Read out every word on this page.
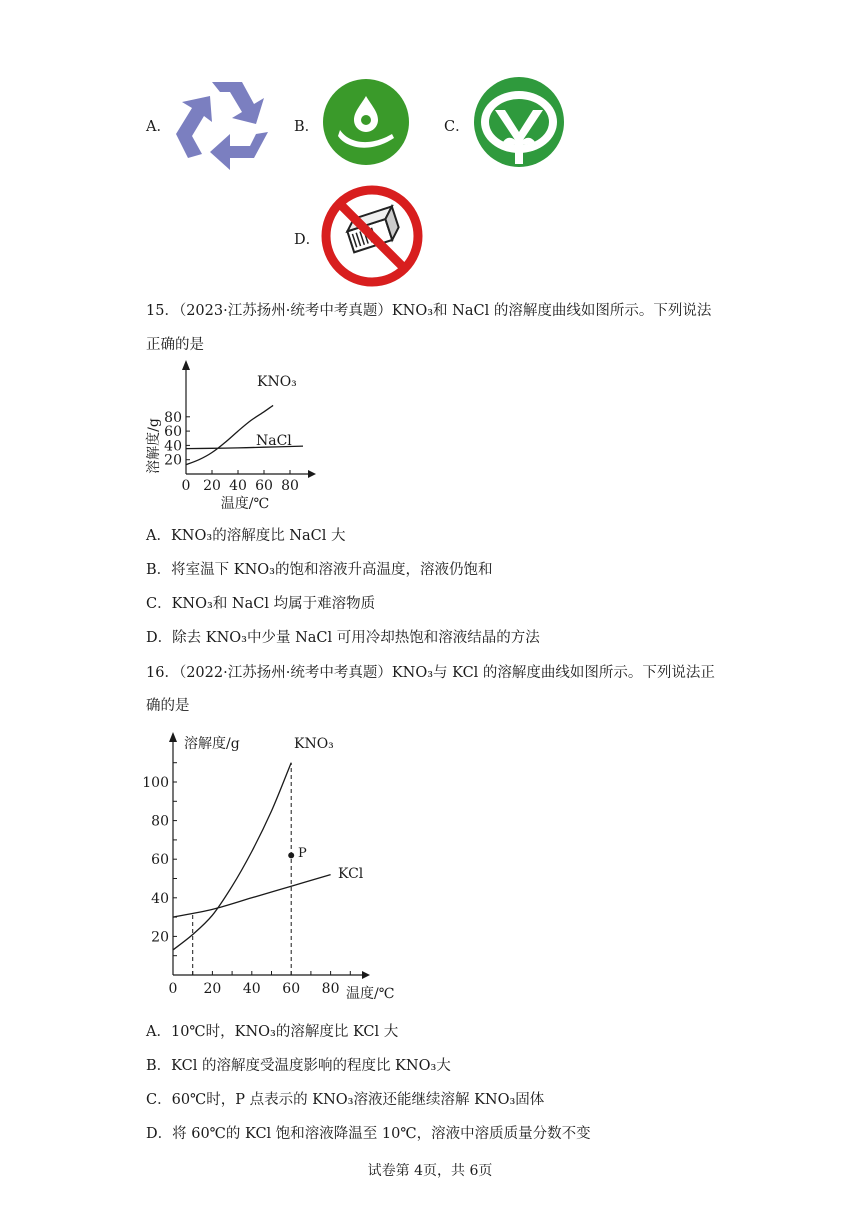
A．	B．	C．
D．
15．（2023·江苏扬州·统考中考真题）KNO₃和 NaCl 的溶解度曲线如图所示。下列说法
正确的是
20
40
60
80
0 20 40 60 80
溶解度/g
温度/℃
KNO₃
NaCl
A．KNO₃的溶解度比 NaCl 大
B．将室温下 KNO₃的饱和溶液升高温度，溶液仍饱和
C．KNO₃和 NaCl 均属于难溶物质
D．除去 KNO₃中少量 NaCl 可用冷却热饱和溶液结晶的方法
16．（2022·江苏扬州·统考中考真题）KNO₃与 KCl 的溶解度曲线如图所示。下列说法正
确的是
20
40
60
80
100
0 20 40 60 80
溶解度/g
温度/℃
KNO₃
KCl
P
A．10℃时，KNO₃的溶解度比 KCl 大
B．KCl 的溶解度受温度影响的程度比 KNO₃大
C．60℃时，P 点表示的 KNO₃溶液还能继续溶解 KNO₃固体
D．将 60℃的 KCl 饱和溶液降温至 10℃，溶液中溶质质量分数不变
试卷第 4页，共 6页
